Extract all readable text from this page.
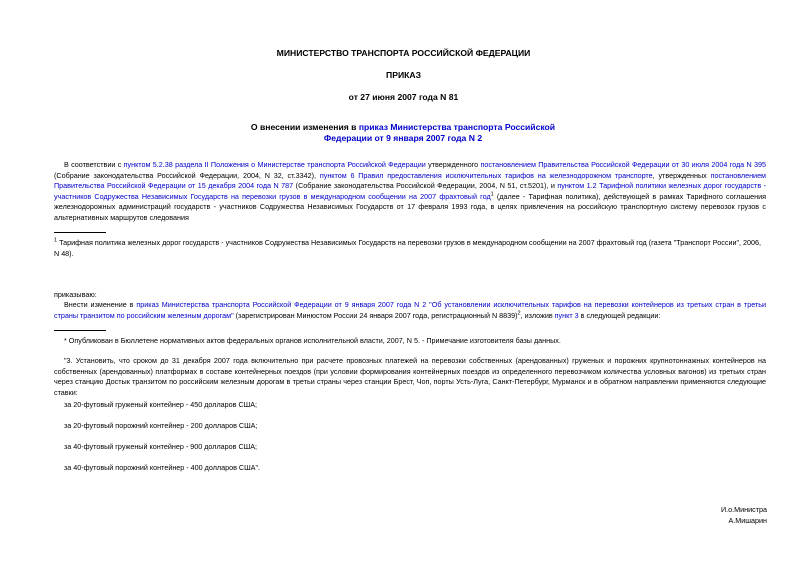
МИНИСТЕРСТВО ТРАНСПОРТА РОССИЙСКОЙ ФЕДЕРАЦИИ
ПРИКАЗ
от 27 июня 2007 года N 81
О внесении изменения в приказ Министерства транспорта Российской Федерации от 9 января 2007 года N 2
В соответствии с пунктом 5.2.38 раздела II Положения о Министерстве транспорта Российской Федерации утвержденного постановлением Правительства Российской Федерации от 30 июля 2004 года N 395 (Собрание законодательства Российской Федерации, 2004, N 32, ст.3342), пунктом 6 Правил предоставления исключительных тарифов на железнодорожном транспорте, утвержденных постановлением Правительства Российской Федерации от 15 декабря 2004 года N 787 (Собрание законодательства Российской Федерации, 2004, N 51, ст.5201), и пунктом 1.2 Тарифной политики железных дорог государств - участников Содружества Независимых Государств на перевозки грузов в международном сообщении на 2007 фрахтовый год$^1$ (далее - Тарифная политика), действующей в рамках Тарифного соглашения железнодорожных администраций государств - участников Содружества Независимых Государств от 17 февраля 1993 года, в целях привлечения на российскую транспортную систему перевозок грузов с альтернативных маршрутов следования
$^1$ Тарифная политика железных дорог государств - участников Содружества Независимых Государств на перевозки грузов в международном сообщении на 2007 фрахтовый год (газета "Транспорт России", 2006, N 48).
приказываю:
Внести изменение в приказ Министерства транспорта Российской Федерации от 9 января 2007 года N 2 "Об установлении исключительных тарифов на перевозки контейнеров из третьих стран в третьи страны транзитом по российским железным дорогам" (зарегистрирован Минюстом России 24 января 2007 года, регистрационный N 8839)$^2$, изложив пункт 3 в следующей редакции:
* Опубликован в Бюллетене нормативных актов федеральных органов исполнительной власти, 2007, N 5. - Примечание изготовителя базы данных.
"3. Установить, что сроком до 31 декабря 2007 года включительно при расчете провозных платежей на перевозки собственных (арендованных) груженых и порожних крупнотоннажных контейнеров на собственных (арендованных) платформах в составе контейнерных поездов (при условии формирования контейнерных поездов из определенного перевозчиком количества условных вагонов) из третьих стран через станцию Достык транзитом по российским железным дорогам в третьи страны через станции Брест, Чоп, порты Усть-Луга, Санкт-Петербург, Мурманск и в обратном направлении применяются следующие ставки:
за 20-футовый груженый контейнер - 450 долларов США;
за 20-футовый порожний контейнер - 200 долларов США;
за 40-футовый груженый контейнер - 900 долларов США;
за 40-футовый порожний контейнер - 400 долларов США".
И.о.Министра
А.Мишарин
